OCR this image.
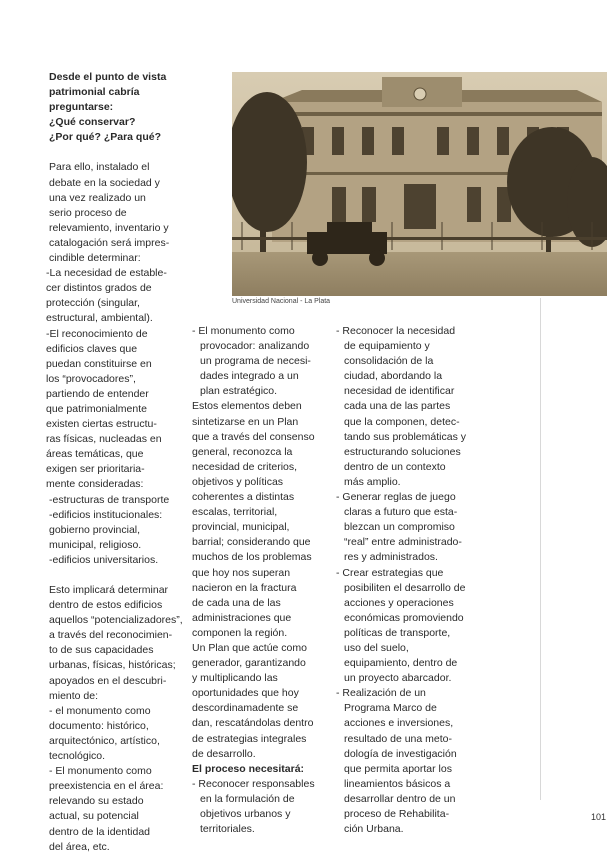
Desde el punto de vista

patrimonial cabría

preguntarse:

¿Qué conservar?

¿Por qué? ¿Para qué?

Para ello, instalado el

debate en la sociedad y

una vez realizado un

serio proceso de

relevamiento, inventario y

catalogación será impres-

cindible determinar:

-La necesidad de estable-

cer distintos grados de

protección (singular,

estructural, ambiental).

-El reconocimiento de

edificios claves que

puedan constituirse en

los “provocadores”,

partiendo de entender

que patrimonialmente

existen ciertas estructu-

ras físicas, nucleadas en

áreas temáticas, que

exigen ser prioritaria-

mente consideradas:

-estructuras de transporte

-edificios institucionales:

gobierno provincial,

municipal, religioso.

-edificios universitarios.

Esto implicará determinar

dentro de estos edificios

aquellos “potencializadores”,

a través del reconocimien-

to de sus capacidades

urbanas, físicas, históricas;

apoyados en el descubri-

miento de:

- el monumento como

documento: histórico,

arquitectónico, artístico,

tecnológico.

- El monumento como

preexistencia en el área:

relevando su estado

actual, su potencial

dentro de la identidad

del área, etc.

Universidad Nacional - La Plata

- El monumento como

provocador: analizando

un programa de necesi-

dades integrado a un

plan estratégico.

Estos elementos deben

sintetizarse en un Plan

que a través del consenso

general, reconozca la

necesidad de criterios,

objetivos y políticas

coherentes a distintas

escalas, territorial,

provincial, municipal,

barrial; considerando que

muchos de los problemas

que hoy nos superan

nacieron en la fractura

de cada una de las

administraciones que

componen la región.

Un Plan que actúe como

generador, garantizando

y multiplicando las

oportunidades que hoy

descordinamadente se

dan, rescatándolas dentro

de estrategias integrales

de desarrollo.

El proceso necesitará:

- Reconocer responsables

en la formulación de

objetivos urbanos y

territoriales.

- Reconocer la necesidad

de equipamiento y

consolidación de la

ciudad, abordando la

necesidad de identificar

cada una de las partes

que la componen, detec-

tando sus problemáticas y

estructurando soluciones

dentro de un contexto

más amplio.

- Generar reglas de juego

claras a futuro que esta-

blezcan un compromiso

“real” entre administrado-

res y administrados.

- Crear estrategias que

posibiliten el desarrollo de

acciones y operaciones

económicas promoviendo

políticas de transporte,

uso del suelo,

equipamiento, dentro de

un proyecto abarcador.

- Realización de un

Programa Marco de

acciones e inversiones,

resultado de una meto-

dología de investigación

que permita aportar los

lineamientos básicos a

desarrollar dentro de un

proceso de Rehabilita-

ción Urbana.

101
